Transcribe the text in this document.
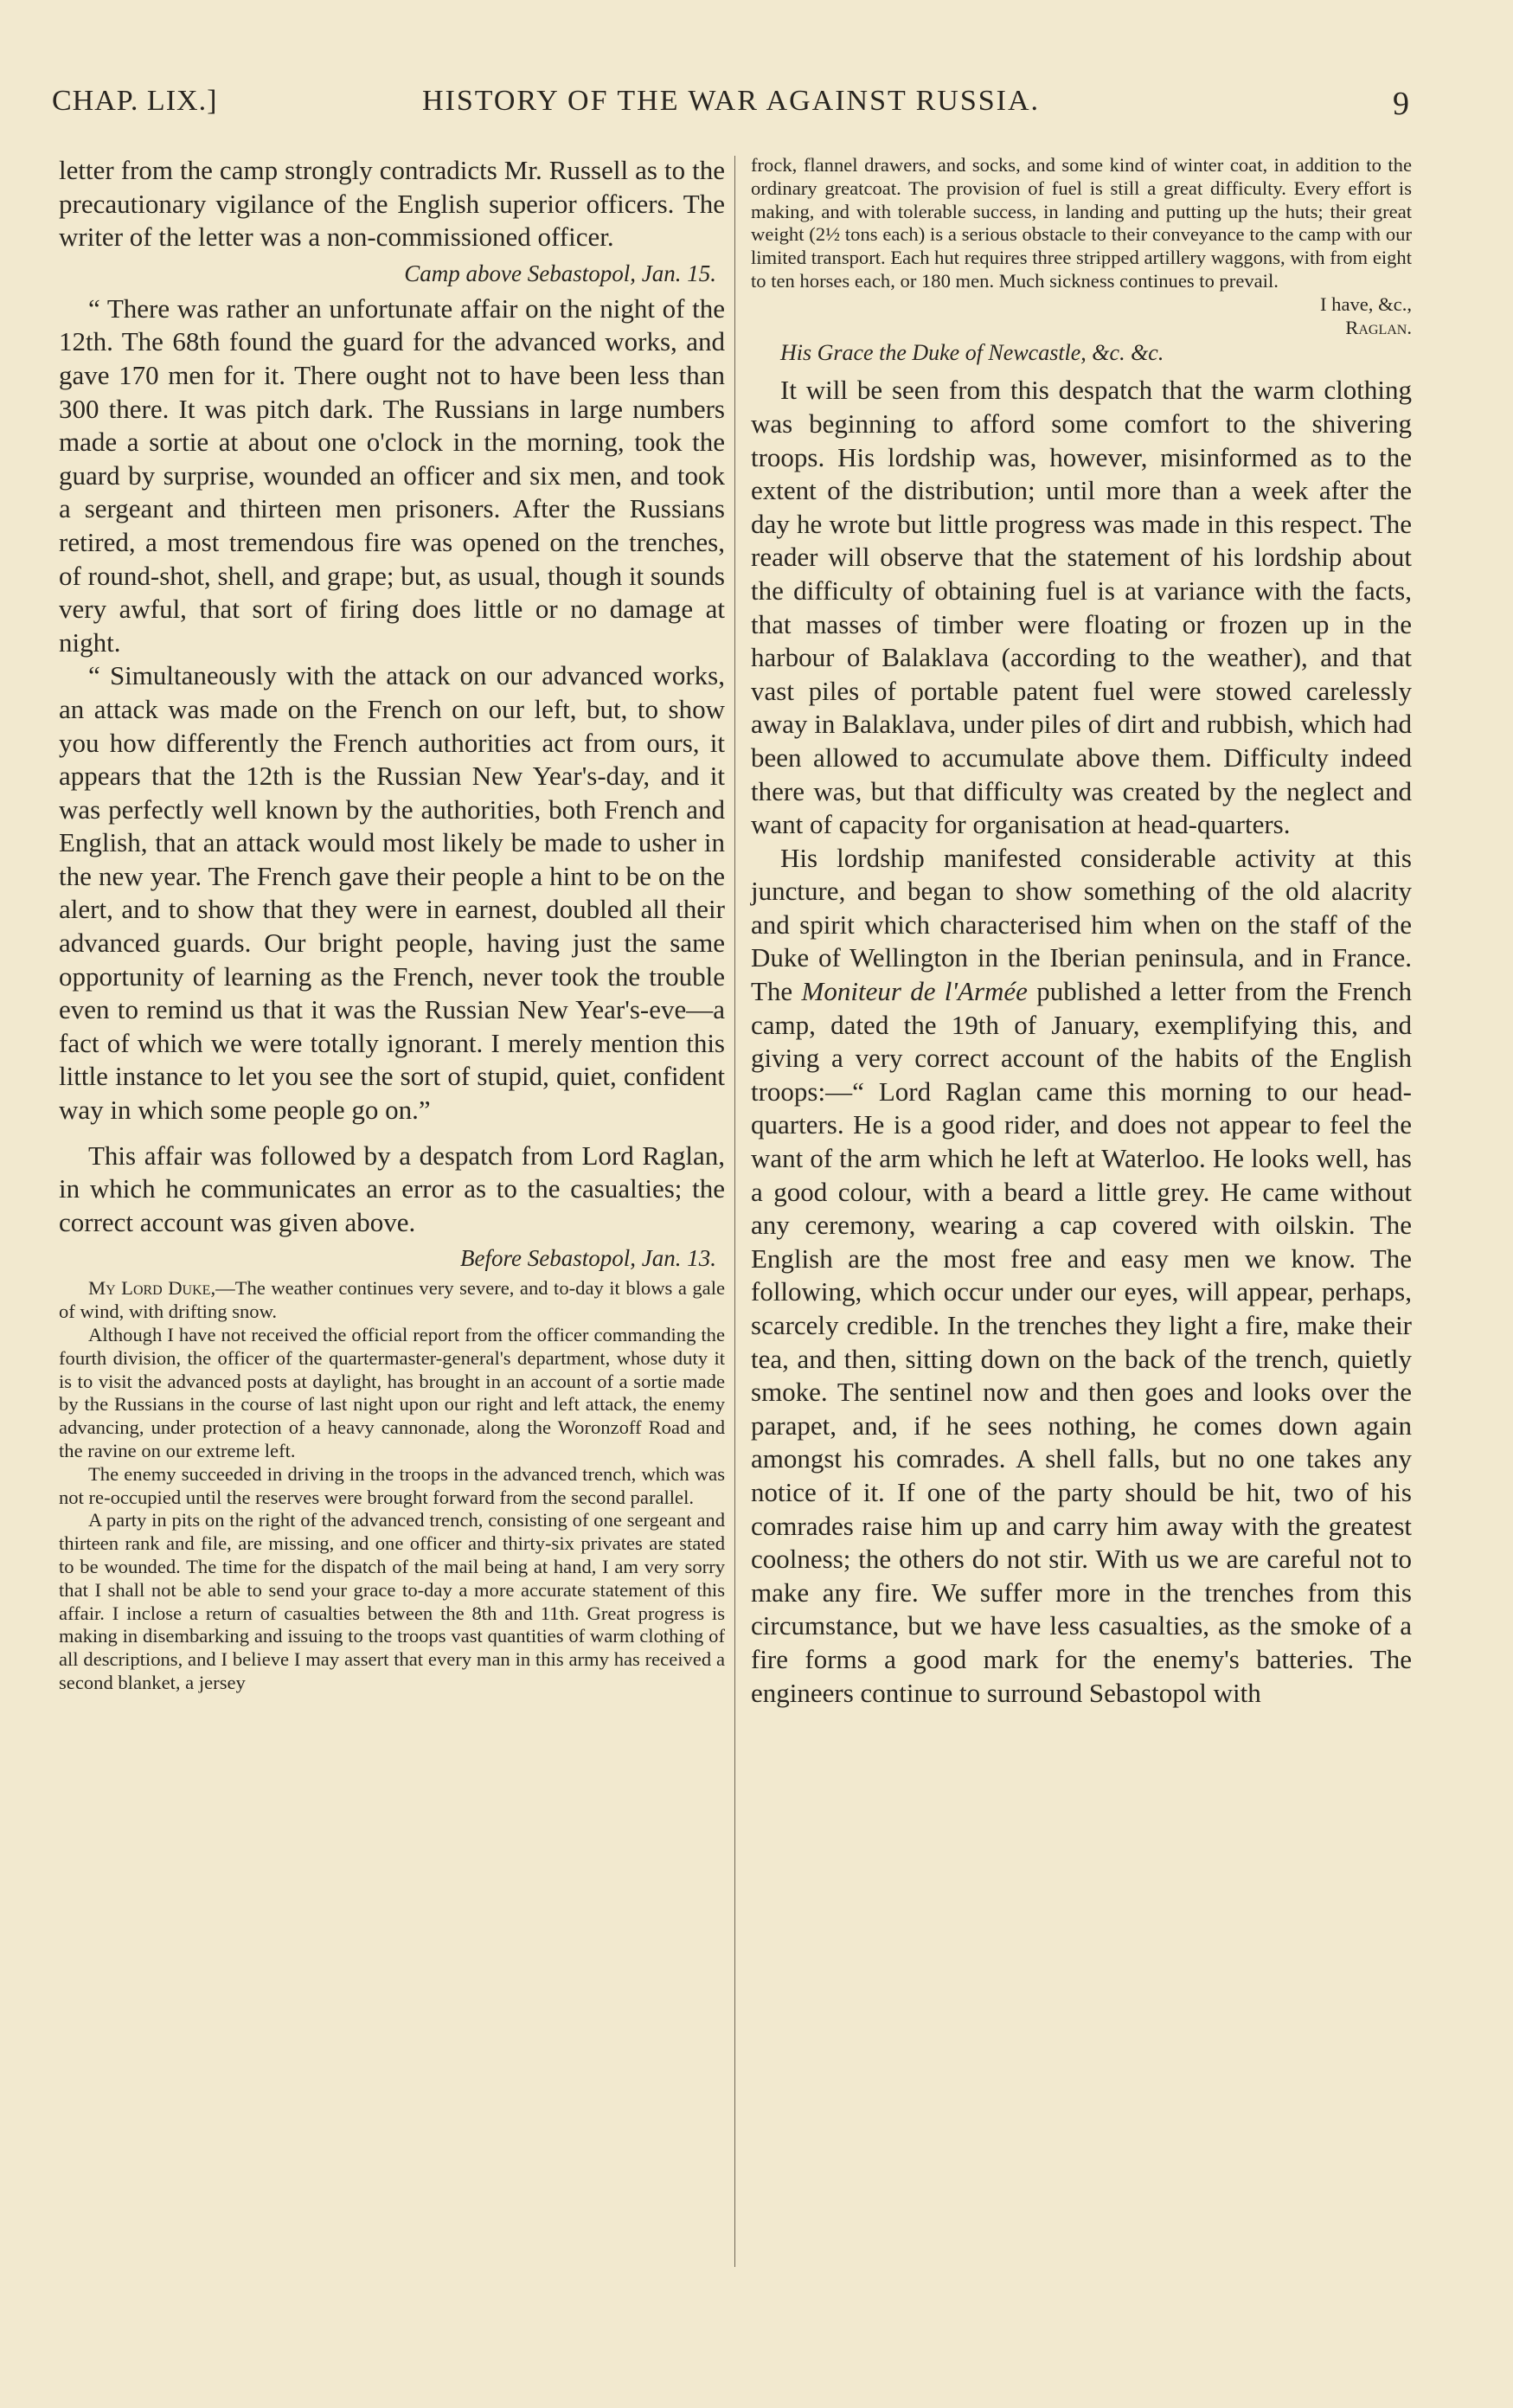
CHAP. LIX.]	HISTORY OF THE WAR AGAINST RUSSIA.	9

letter from the camp strongly contradicts Mr. Russell as to the precautionary vigilance of the English superior officers. The writer of the letter was a non-commissioned officer.

Camp above Sebastopol, Jan. 15.

“ There was rather an unfortunate affair on the night of the 12th. The 68th found the guard for the advanced works, and gave 170 men for it. There ought not to have been less than 300 there. It was pitch dark. The Russians in large numbers made a sortie at about one o'clock in the morning, took the guard by surprise, wounded an officer and six men, and took a sergeant and thirteen men prisoners. After the Russians retired, a most tremendous fire was opened on the trenches, of round-shot, shell, and grape; but, as usual, though it sounds very awful, that sort of firing does little or no damage at night.

“ Simultaneously with the attack on our advanced works, an attack was made on the French on our left, but, to show you how differently the French authorities act from ours, it appears that the 12th is the Russian New Year's-day, and it was perfectly well known by the authorities, both French and English, that an attack would most likely be made to usher in the new year. The French gave their people a hint to be on the alert, and to show that they were in earnest, doubled all their advanced guards. Our bright people, having just the same opportunity of learning as the French, never took the trouble even to remind us that it was the Russian New Year's-eve—a fact of which we were totally ignorant. I merely mention this little instance to let you see the sort of stupid, quiet, confident way in which some people go on.”

This affair was followed by a despatch from Lord Raglan, in which he communicates an error as to the casualties; the correct account was given above.

Before Sebastopol, Jan. 13.

My Lord Duke,—The weather continues very severe, and to-day it blows a gale of wind, with drifting snow.

Although I have not received the official report from the officer commanding the fourth division, the officer of the quartermaster-general's department, whose duty it is to visit the advanced posts at daylight, has brought in an account of a sortie made by the Russians in the course of last night upon our right and left attack, the enemy advancing, under protection of a heavy cannonade, along the Woronzoff Road and the ravine on our extreme left.

The enemy succeeded in driving in the troops in the advanced trench, which was not re-occupied until the reserves were brought forward from the second parallel.

A party in pits on the right of the advanced trench, consisting of one sergeant and thirteen rank and file, are missing, and one officer and thirty-six privates are stated to be wounded. The time for the dispatch of the mail being at hand, I am very sorry that I shall not be able to send your grace to-day a more accurate statement of this affair. I inclose a return of casualties between the 8th and 11th. Great progress is making in disembarking and issuing to the troops vast quantities of warm clothing of all descriptions, and I believe I may assert that every man in this army has received a second blanket, a jersey

frock, flannel drawers, and socks, and some kind of winter coat, in addition to the ordinary greatcoat. The provision of fuel is still a great difficulty. Every effort is making, and with tolerable success, in landing and putting up the huts; their great weight (2½ tons each) is a serious obstacle to their conveyance to the camp with our limited transport. Each hut requires three stripped artillery waggons, with from eight to ten horses each, or 180 men. Much sickness continues to prevail.

I have, &c.,

Raglan.

His Grace the Duke of Newcastle, &c. &c.

It will be seen from this despatch that the warm clothing was beginning to afford some comfort to the shivering troops. His lordship was, however, misinformed as to the extent of the distribution; until more than a week after the day he wrote but little progress was made in this respect. The reader will observe that the statement of his lordship about the difficulty of obtaining fuel is at variance with the facts, that masses of timber were floating or frozen up in the harbour of Balaklava (according to the weather), and that vast piles of portable patent fuel were stowed carelessly away in Balaklava, under piles of dirt and rubbish, which had been allowed to accumulate above them. Difficulty indeed there was, but that difficulty was created by the neglect and want of capacity for organisation at head-quarters.

His lordship manifested considerable activity at this juncture, and began to show something of the old alacrity and spirit which characterised him when on the staff of the Duke of Wellington in the Iberian peninsula, and in France. The Moniteur de l'Armée published a letter from the French camp, dated the 19th of January, exemplifying this, and giving a very correct account of the habits of the English troops:—“ Lord Raglan came this morning to our head-quarters. He is a good rider, and does not appear to feel the want of the arm which he left at Waterloo. He looks well, has a good colour, with a beard a little grey. He came without any ceremony, wearing a cap covered with oilskin. The English are the most free and easy men we know. The following, which occur under our eyes, will appear, perhaps, scarcely credible. In the trenches they light a fire, make their tea, and then, sitting down on the back of the trench, quietly smoke. The sentinel now and then goes and looks over the parapet, and, if he sees nothing, he comes down again amongst his comrades. A shell falls, but no one takes any notice of it. If one of the party should be hit, two of his comrades raise him up and carry him away with the greatest coolness; the others do not stir. With us we are careful not to make any fire. We suffer more in the trenches from this circumstance, but we have less casualties, as the smoke of a fire forms a good mark for the enemy's batteries. The engineers continue to surround Sebastopol with
